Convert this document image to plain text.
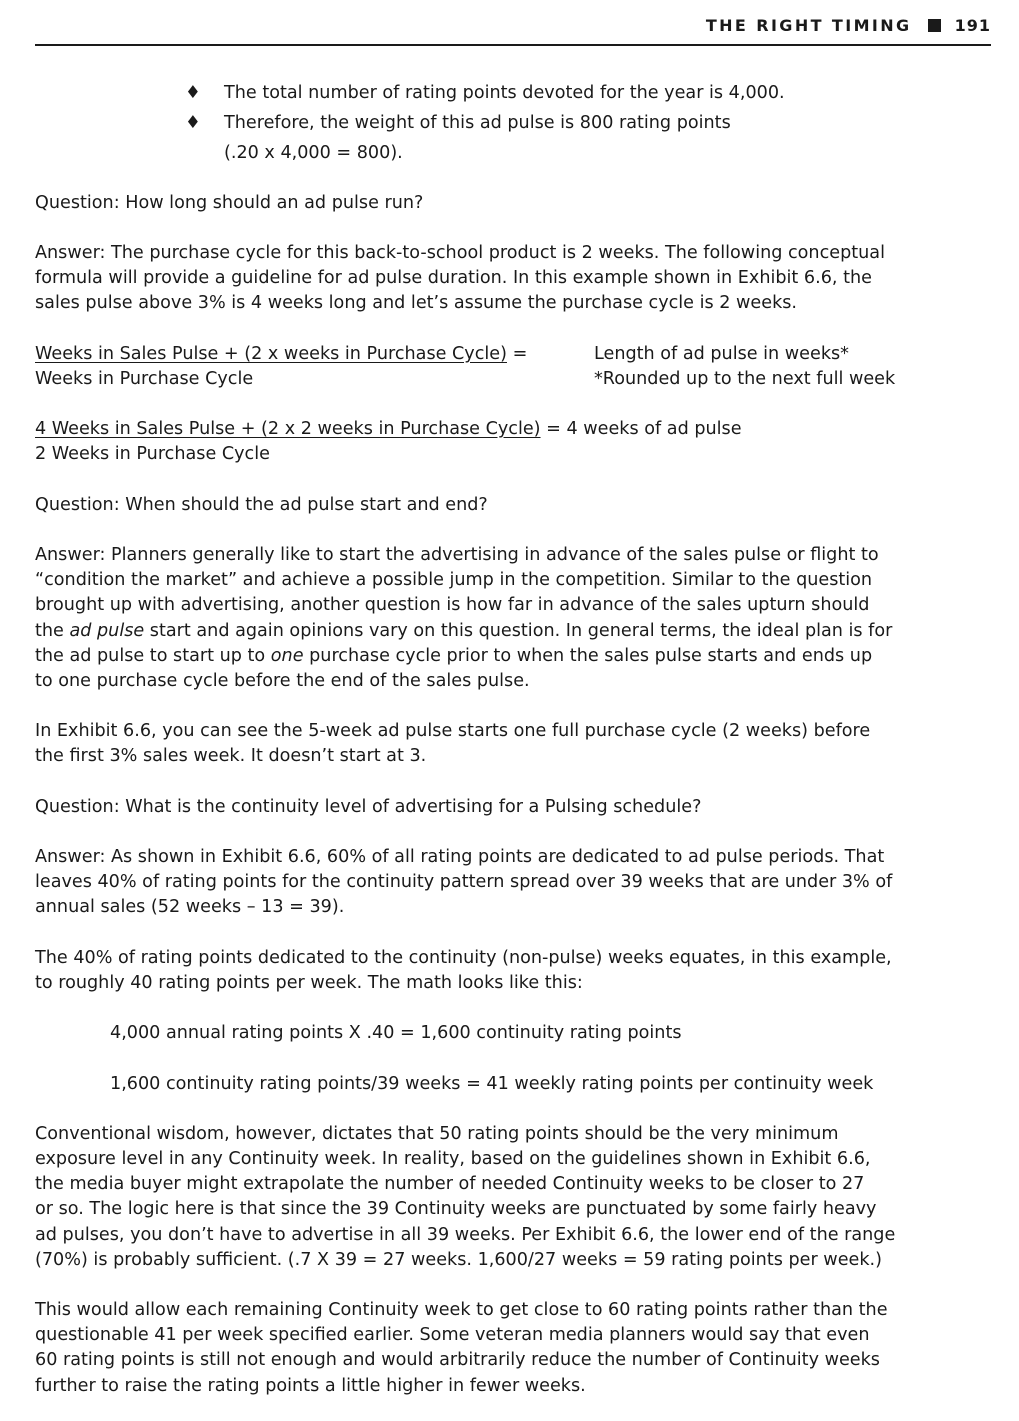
THE RIGHT TIMING	191
♦ The total number of rating points devoted for the year is 4,000.
♦ Therefore, the weight of this ad pulse is 800 rating points
(.20 x 4,000 = 800).
Question: How long should an ad pulse run?
Answer: The purchase cycle for this back-to-school product is 2 weeks. The following conceptual
formula will provide a guideline for ad pulse duration. In this example shown in Exhibit 6.6, the
sales pulse above 3% is 4 weeks long and let’s assume the purchase cycle is 2 weeks.
Weeks in Sales Pulse + (2 x weeks in Purchase Cycle) =	Length of ad pulse in weeks*
Weeks in Purchase Cycle	*Rounded up to the next full week
4 Weeks in Sales Pulse + (2 x 2 weeks in Purchase Cycle) = 4 weeks of ad pulse
2 Weeks in Purchase Cycle
Question: When should the ad pulse start and end?
Answer: Planners generally like to start the advertising in advance of the sales pulse or flight to
“condition the market” and achieve a possible jump in the competition. Similar to the question
brought up with advertising, another question is how far in advance of the sales upturn should
the ad pulse start and again opinions vary on this question. In general terms, the ideal plan is for
the ad pulse to start up to one purchase cycle prior to when the sales pulse starts and ends up
to one purchase cycle before the end of the sales pulse.
In Exhibit 6.6, you can see the 5-week ad pulse starts one full purchase cycle (2 weeks) before
the first 3% sales week. It doesn’t start at 3.
Question: What is the continuity level of advertising for a Pulsing schedule?
Answer: As shown in Exhibit 6.6, 60% of all rating points are dedicated to ad pulse periods. That
leaves 40% of rating points for the continuity pattern spread over 39 weeks that are under 3% of
annual sales (52 weeks – 13 = 39).
The 40% of rating points dedicated to the continuity (non-pulse) weeks equates, in this example,
to roughly 40 rating points per week. The math looks like this:
4,000 annual rating points X .40 = 1,600 continuity rating points
1,600 continuity rating points/39 weeks = 41 weekly rating points per continuity week
Conventional wisdom, however, dictates that 50 rating points should be the very minimum
exposure level in any Continuity week. In reality, based on the guidelines shown in Exhibit 6.6,
the media buyer might extrapolate the number of needed Continuity weeks to be closer to 27
or so. The logic here is that since the 39 Continuity weeks are punctuated by some fairly heavy
ad pulses, you don’t have to advertise in all 39 weeks. Per Exhibit 6.6, the lower end of the range
(70%) is probably sufficient. (.7 X 39 = 27 weeks. 1,600/27 weeks = 59 rating points per week.)
This would allow each remaining Continuity week to get close to 60 rating points rather than the
questionable 41 per week specified earlier. Some veteran media planners would say that even
60 rating points is still not enough and would arbitrarily reduce the number of Continuity weeks
further to raise the rating points a little higher in fewer weeks.
